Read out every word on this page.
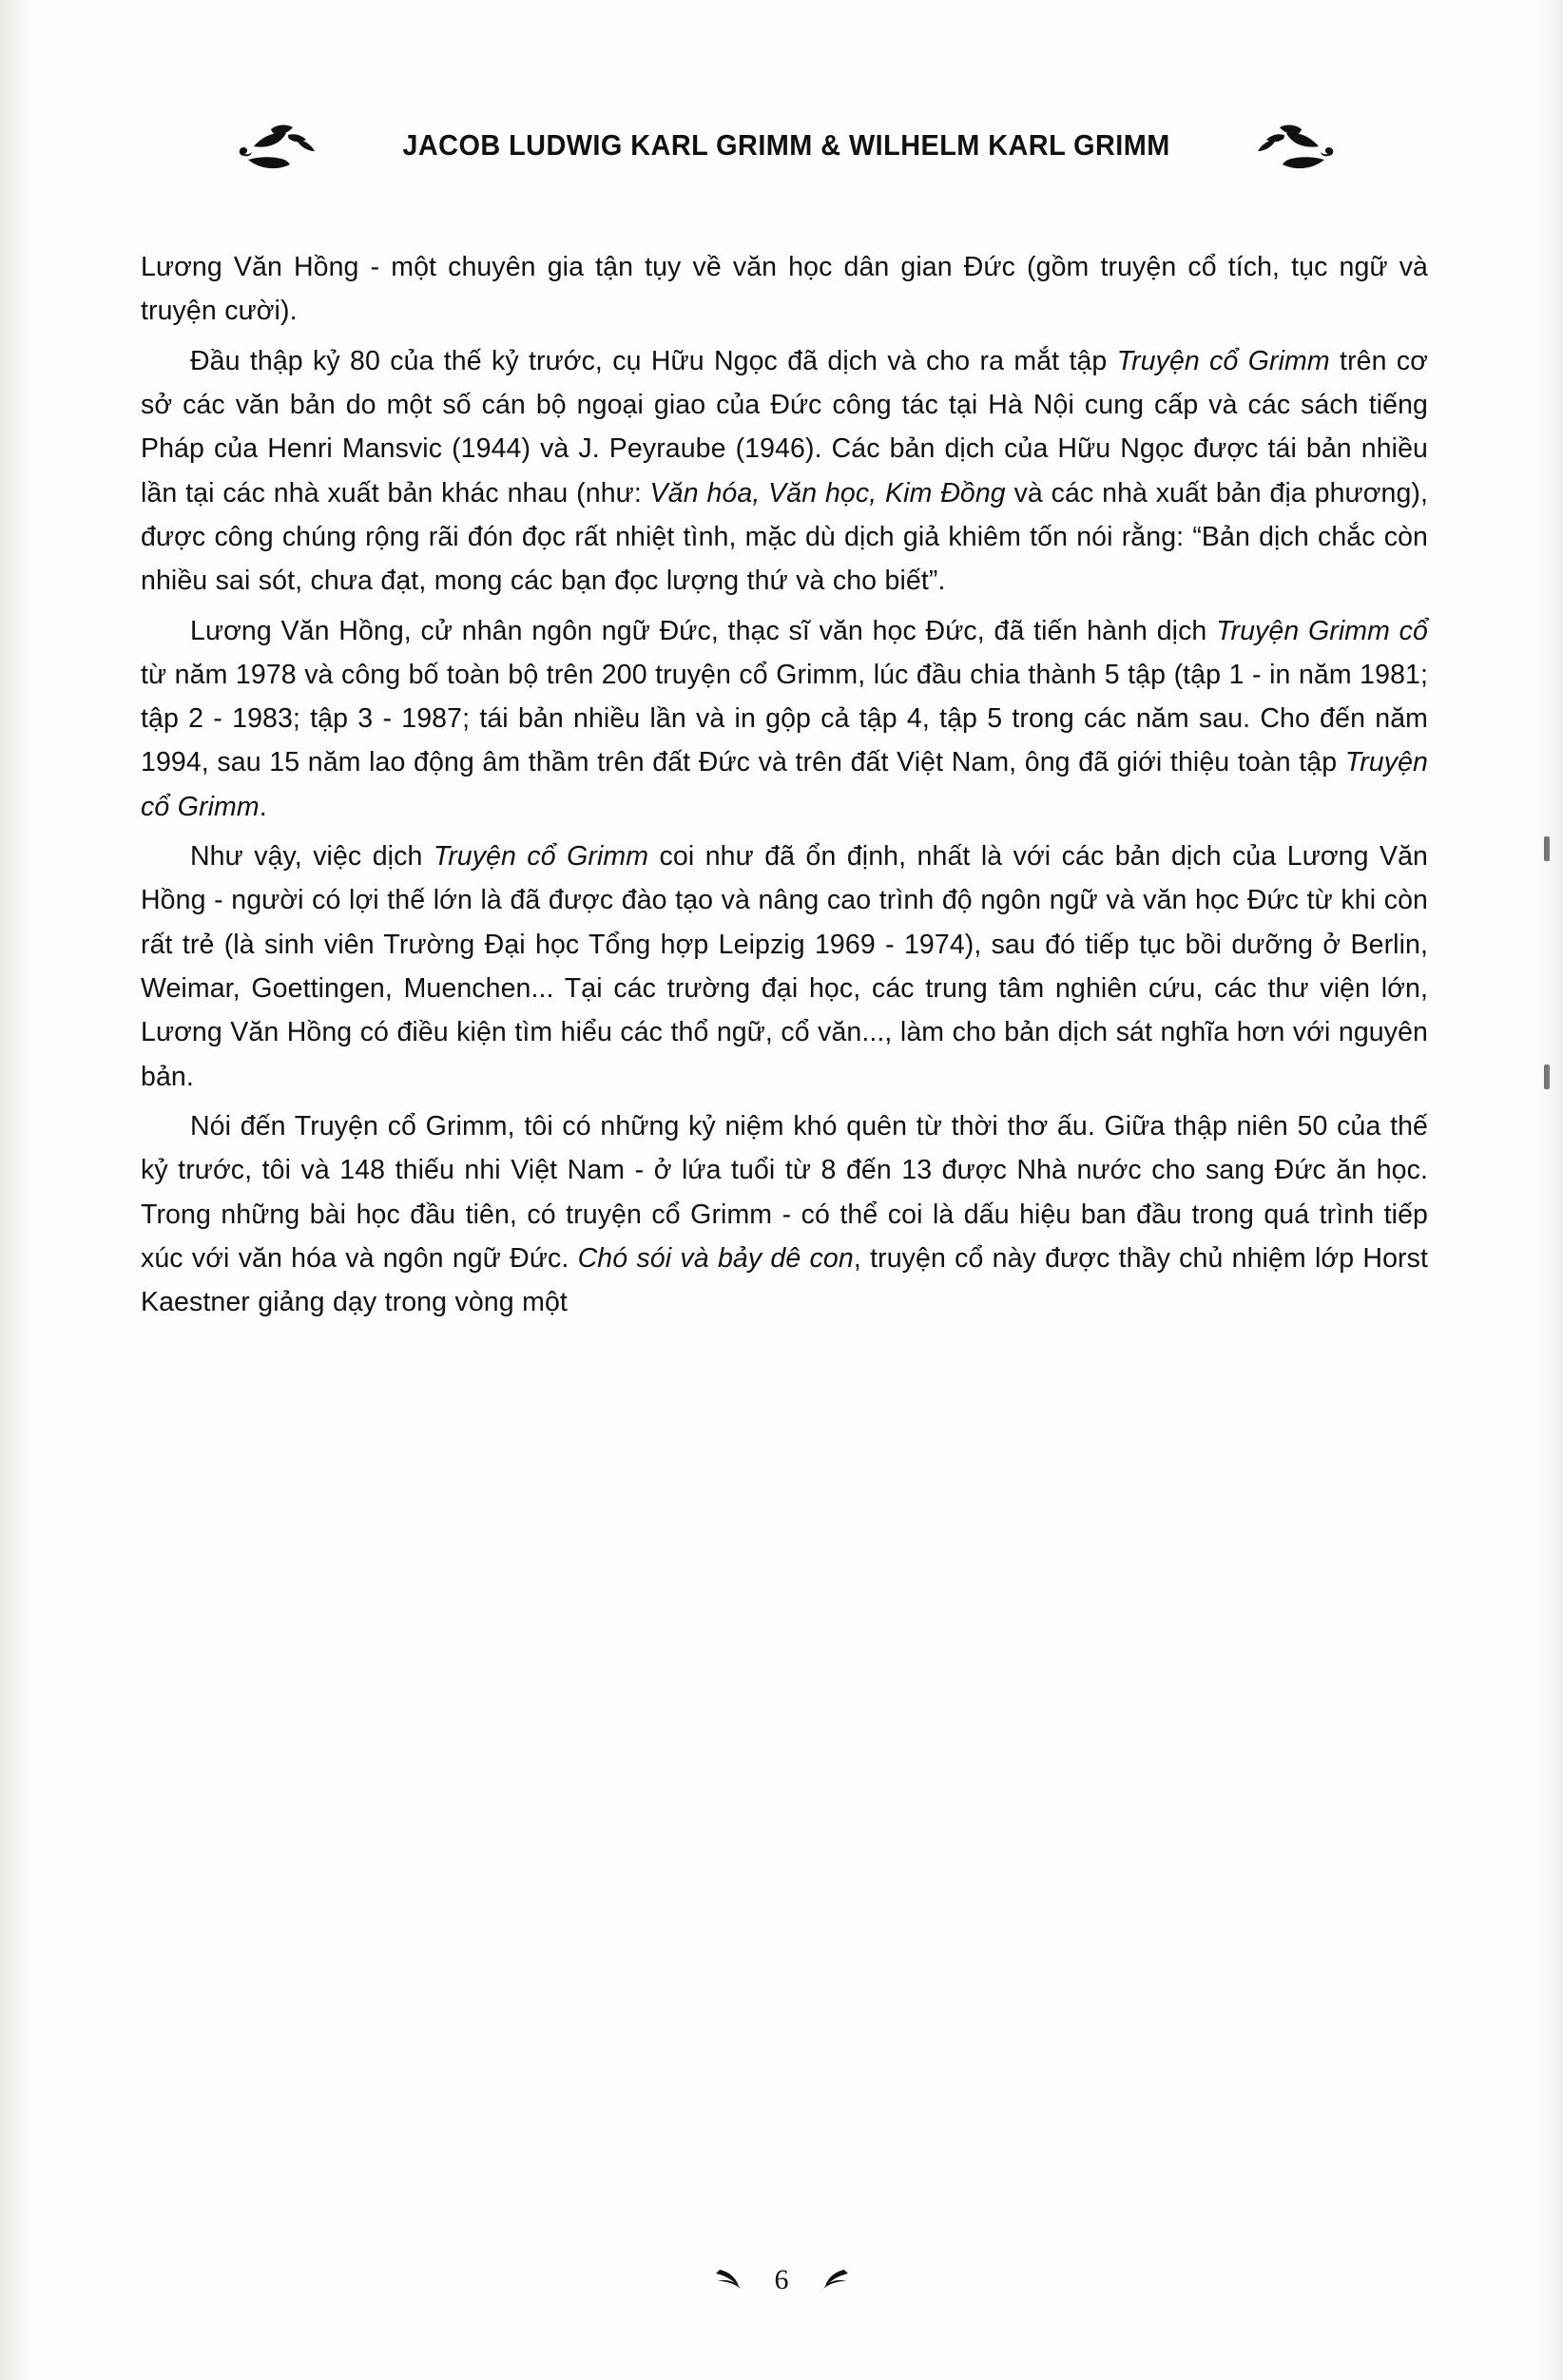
JACOB LUDWIG KARL GRIMM & WILHELM KARL GRIMM

Lương Văn Hồng - một chuyên gia tận tụy về văn học dân gian Đức (gồm truyện cổ tích, tục ngữ và truyện cười).

Đầu thập kỷ 80 của thế kỷ trước, cụ Hữu Ngọc đã dịch và cho ra mắt tập Truyện cổ Grimm trên cơ sở các văn bản do một số cán bộ ngoại giao của Đức công tác tại Hà Nội cung cấp và các sách tiếng Pháp của Henri Mansvic (1944) và J. Peyraube (1946). Các bản dịch của Hữu Ngọc được tái bản nhiều lần tại các nhà xuất bản khác nhau (như: Văn hóa, Văn học, Kim Đồng và các nhà xuất bản địa phương), được công chúng rộng rãi đón đọc rất nhiệt tình, mặc dù dịch giả khiêm tốn nói rằng: “Bản dịch chắc còn nhiều sai sót, chưa đạt, mong các bạn đọc lượng thứ và cho biết”.

Lương Văn Hồng, cử nhân ngôn ngữ Đức, thạc sĩ văn học Đức, đã tiến hành dịch Truyện Grimm cổ từ năm 1978 và công bố toàn bộ trên 200 truyện cổ Grimm, lúc đầu chia thành 5 tập (tập 1 - in năm 1981; tập 2 - 1983; tập 3 - 1987; tái bản nhiều lần và in gộp cả tập 4, tập 5 trong các năm sau. Cho đến năm 1994, sau 15 năm lao động âm thầm trên đất Đức và trên đất Việt Nam, ông đã giới thiệu toàn tập Truyện cổ Grimm.

Như vậy, việc dịch Truyện cổ Grimm coi như đã ổn định, nhất là với các bản dịch của Lương Văn Hồng - người có lợi thế lớn là đã được đào tạo và nâng cao trình độ ngôn ngữ và văn học Đức từ khi còn rất trẻ (là sinh viên Trường Đại học Tổng hợp Leipzig 1969 - 1974), sau đó tiếp tục bồi dưỡng ở Berlin, Weimar, Goettingen, Muenchen... Tại các trường đại học, các trung tâm nghiên cứu, các thư viện lớn, Lương Văn Hồng có điều kiện tìm hiểu các thổ ngữ, cổ văn..., làm cho bản dịch sát nghĩa hơn với nguyên bản.

Nói đến Truyện cổ Grimm, tôi có những kỷ niệm khó quên từ thời thơ ấu. Giữa thập niên 50 của thế kỷ trước, tôi và 148 thiếu nhi Việt Nam - ở lứa tuổi từ 8 đến 13 được Nhà nước cho sang Đức ăn học. Trong những bài học đầu tiên, có truyện cổ Grimm - có thể coi là dấu hiệu ban đầu trong quá trình tiếp xúc với văn hóa và ngôn ngữ Đức. Chó sói và bảy dê con, truyện cổ này được thầy chủ nhiệm lớp Horst Kaestner giảng dạy trong vòng một

6
